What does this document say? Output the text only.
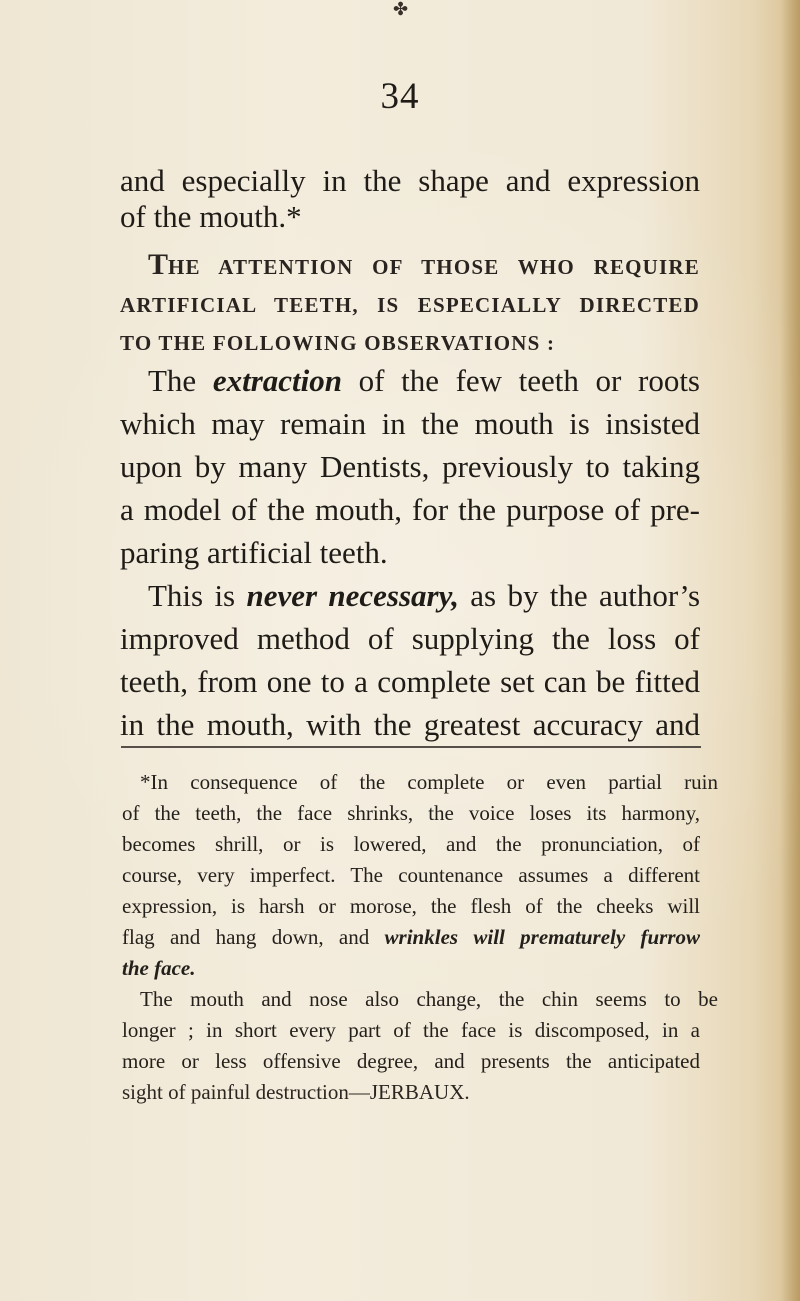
✤
34
and especially in the shape and expression
of the mouth.*
THE ATTENTION OF THOSE WHO REQUIRE
ARTIFICIAL TEETH, IS ESPECIALLY DIRECTED
TO THE FOLLOWING OBSERVATIONS :
The extraction of the few teeth or roots
which may remain in the mouth is insisted
upon by many Dentists, previously to taking
a model of the mouth, for the purpose of pre-
paring artificial teeth.
This is never necessary, as by the author’s
improved method of supplying the loss of
teeth, from one to a complete set can be fitted
in the mouth, with the greatest accuracy and
*In consequence of the complete or even partial ruin
of the teeth, the face shrinks, the voice loses its harmony,
becomes shrill, or is lowered, and the pronunciation, of
course, very imperfect. The countenance assumes a different
expression, is harsh or morose, the flesh of the cheeks will
flag and hang down, and wrinkles will prematurely furrow
the face.
The mouth and nose also change, the chin seems to be
longer ; in short every part of the face is discomposed, in a
more or less offensive degree, and presents the anticipated
sight of painful destruction—JERBAUX.
